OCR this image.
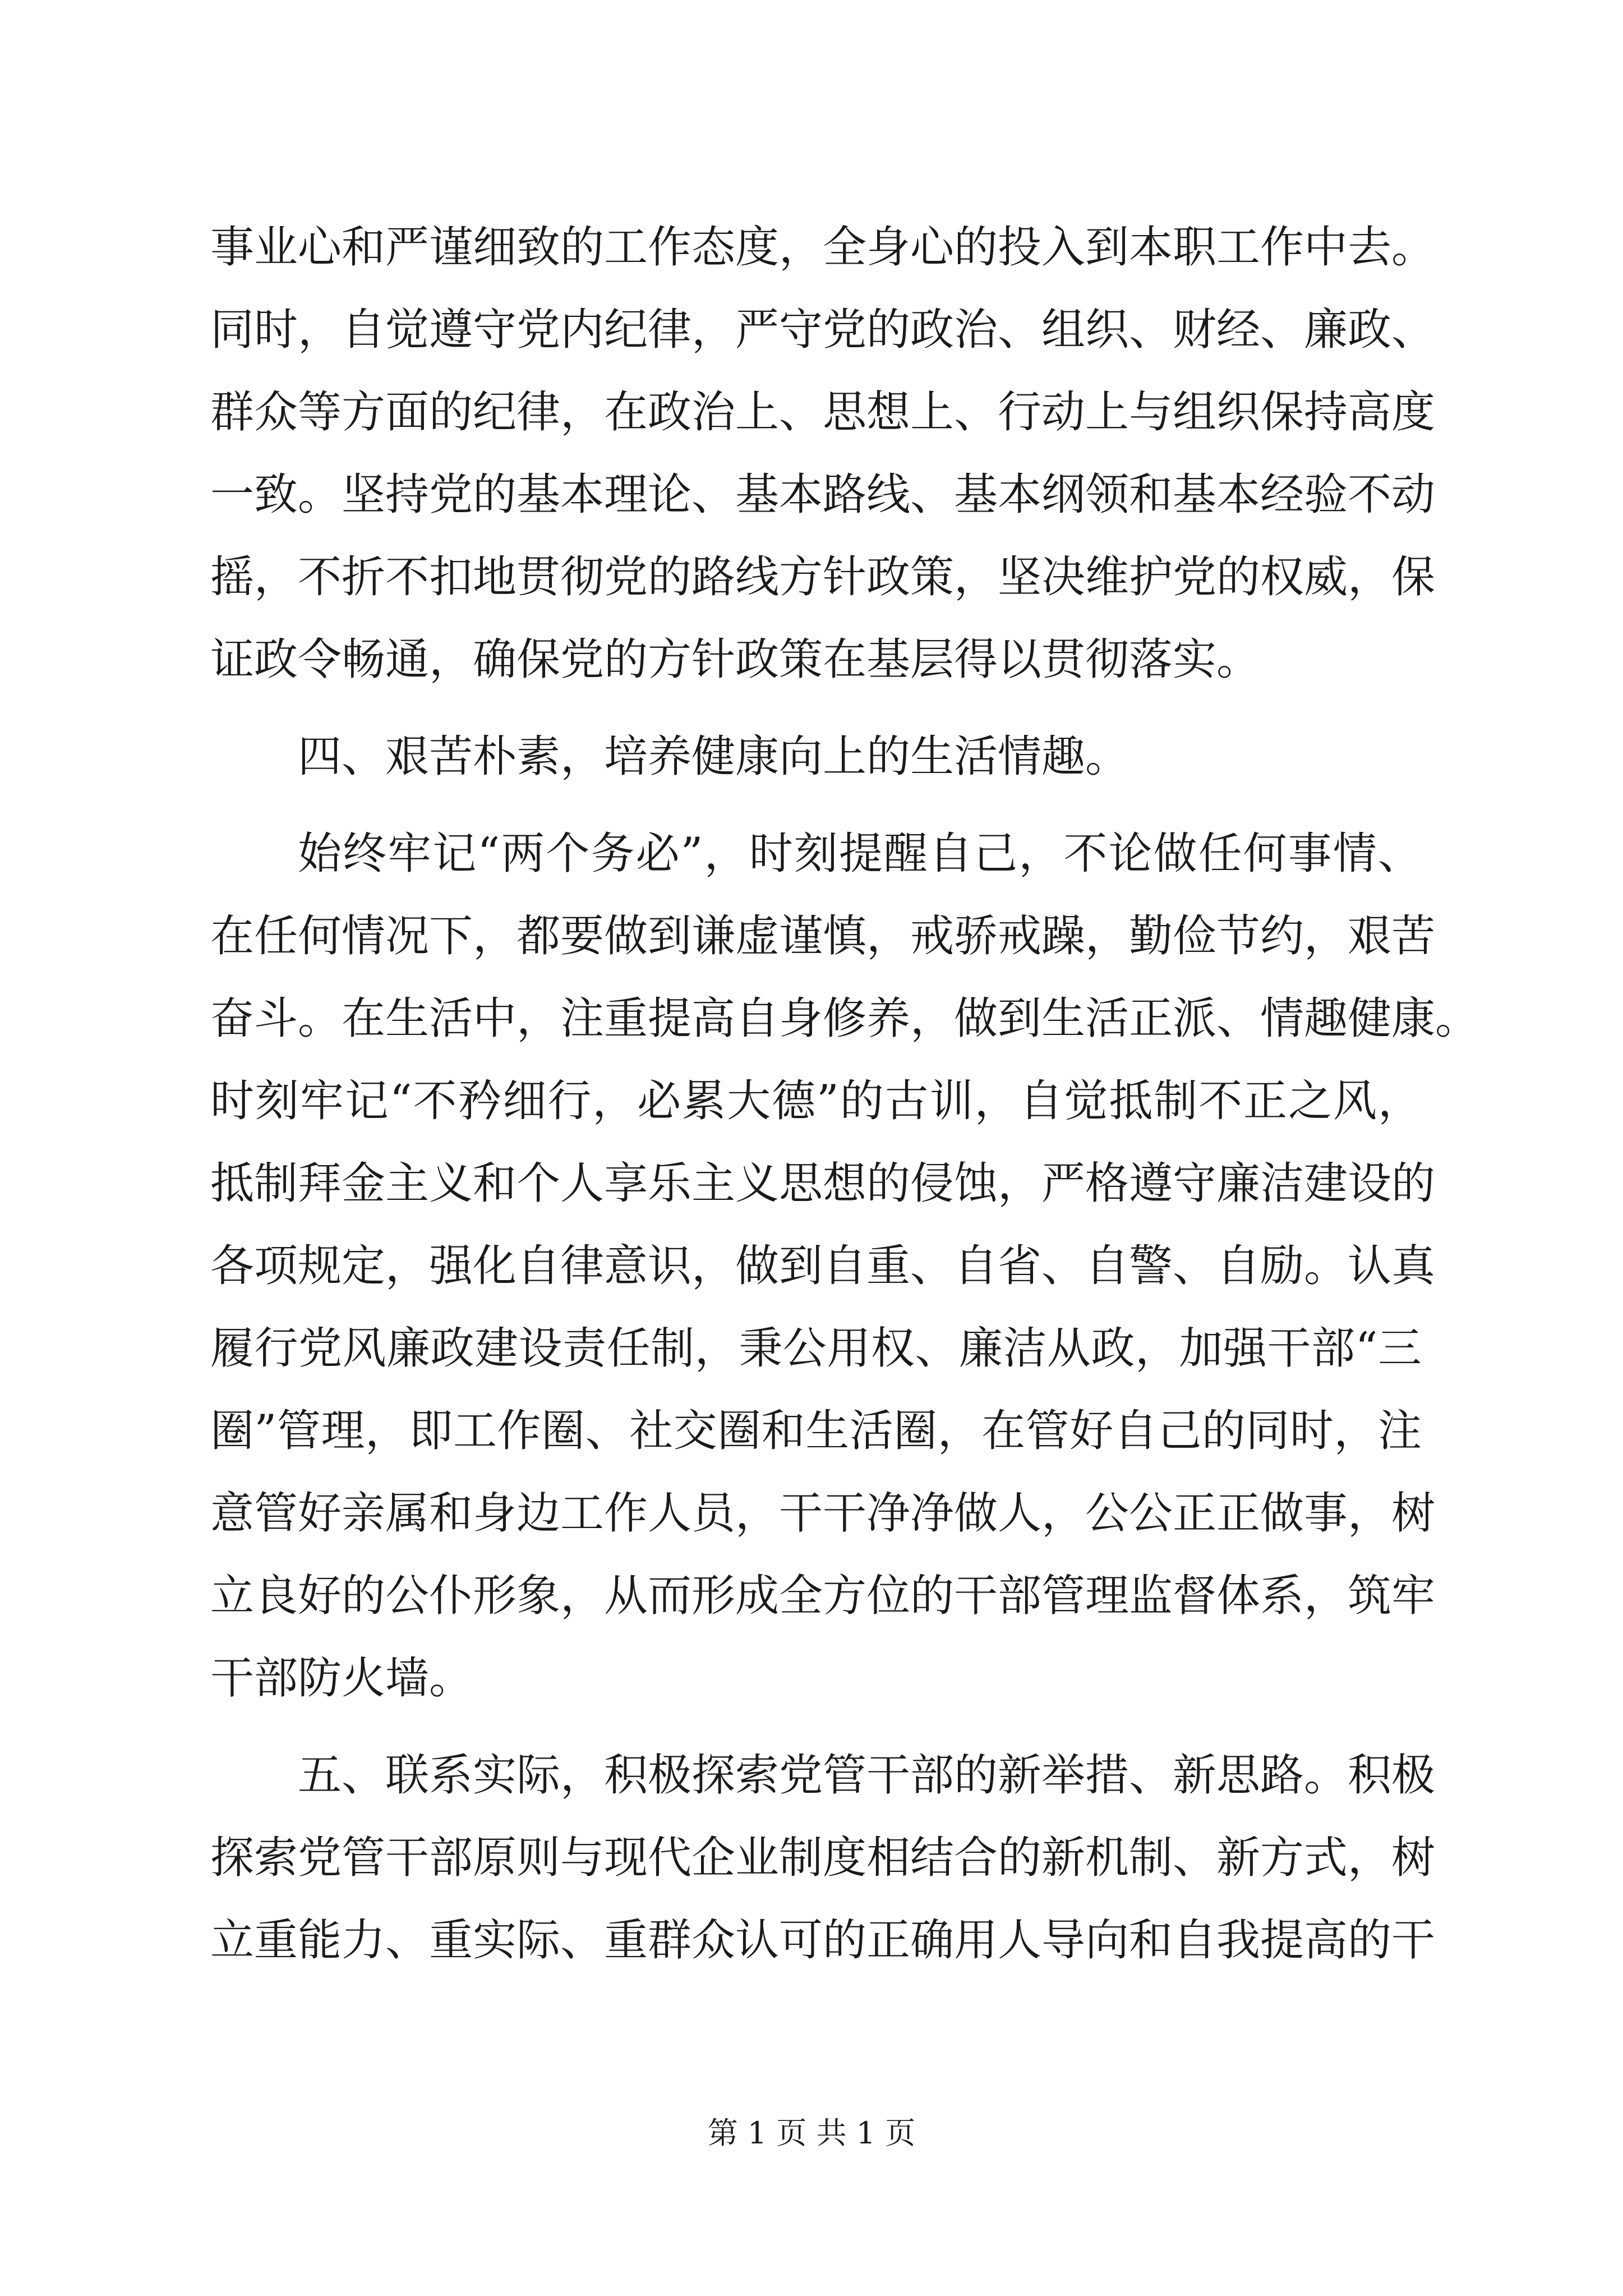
事业心和严谨细致的工作态度，全身心的投入到本职工作中去。
同时，自觉遵守党内纪律，严守党的政治、组织、财经、廉政、
群众等方面的纪律，在政治上、思想上、行动上与组织保持高度
一致。坚持党的基本理论、基本路线、基本纲领和基本经验不动
摇，不折不扣地贯彻党的路线方针政策，坚决维护党的权威，保
证政令畅通，确保党的方针政策在基层得以贯彻落实。
四、艰苦朴素，培养健康向上的生活情趣。
始终牢记“两个务必”，时刻提醒自己，不论做任何事情、
在任何情况下，都要做到谦虚谨慎，戒骄戒躁，勤俭节约，艰苦
奋斗。在生活中，注重提高自身修养，做到生活正派、情趣健康。
时刻牢记“不矜细行，必累大德”的古训，自觉抵制不正之风，
抵制拜金主义和个人享乐主义思想的侵蚀，严格遵守廉洁建设的
各项规定，强化自律意识，做到自重、自省、自警、自励。认真
履行党风廉政建设责任制，秉公用权、廉洁从政，加强干部“三
圈”管理，即工作圈、社交圈和生活圈，在管好自己的同时，注
意管好亲属和身边工作人员，干干净净做人，公公正正做事，树
立良好的公仆形象，从而形成全方位的干部管理监督体系，筑牢
干部防火墙。
五、联系实际，积极探索党管干部的新举措、新思路。积极
探索党管干部原则与现代企业制度相结合的新机制、新方式，树
立重能力、重实际、重群众认可的正确用人导向和自我提高的干
第 1 页 共 1 页
